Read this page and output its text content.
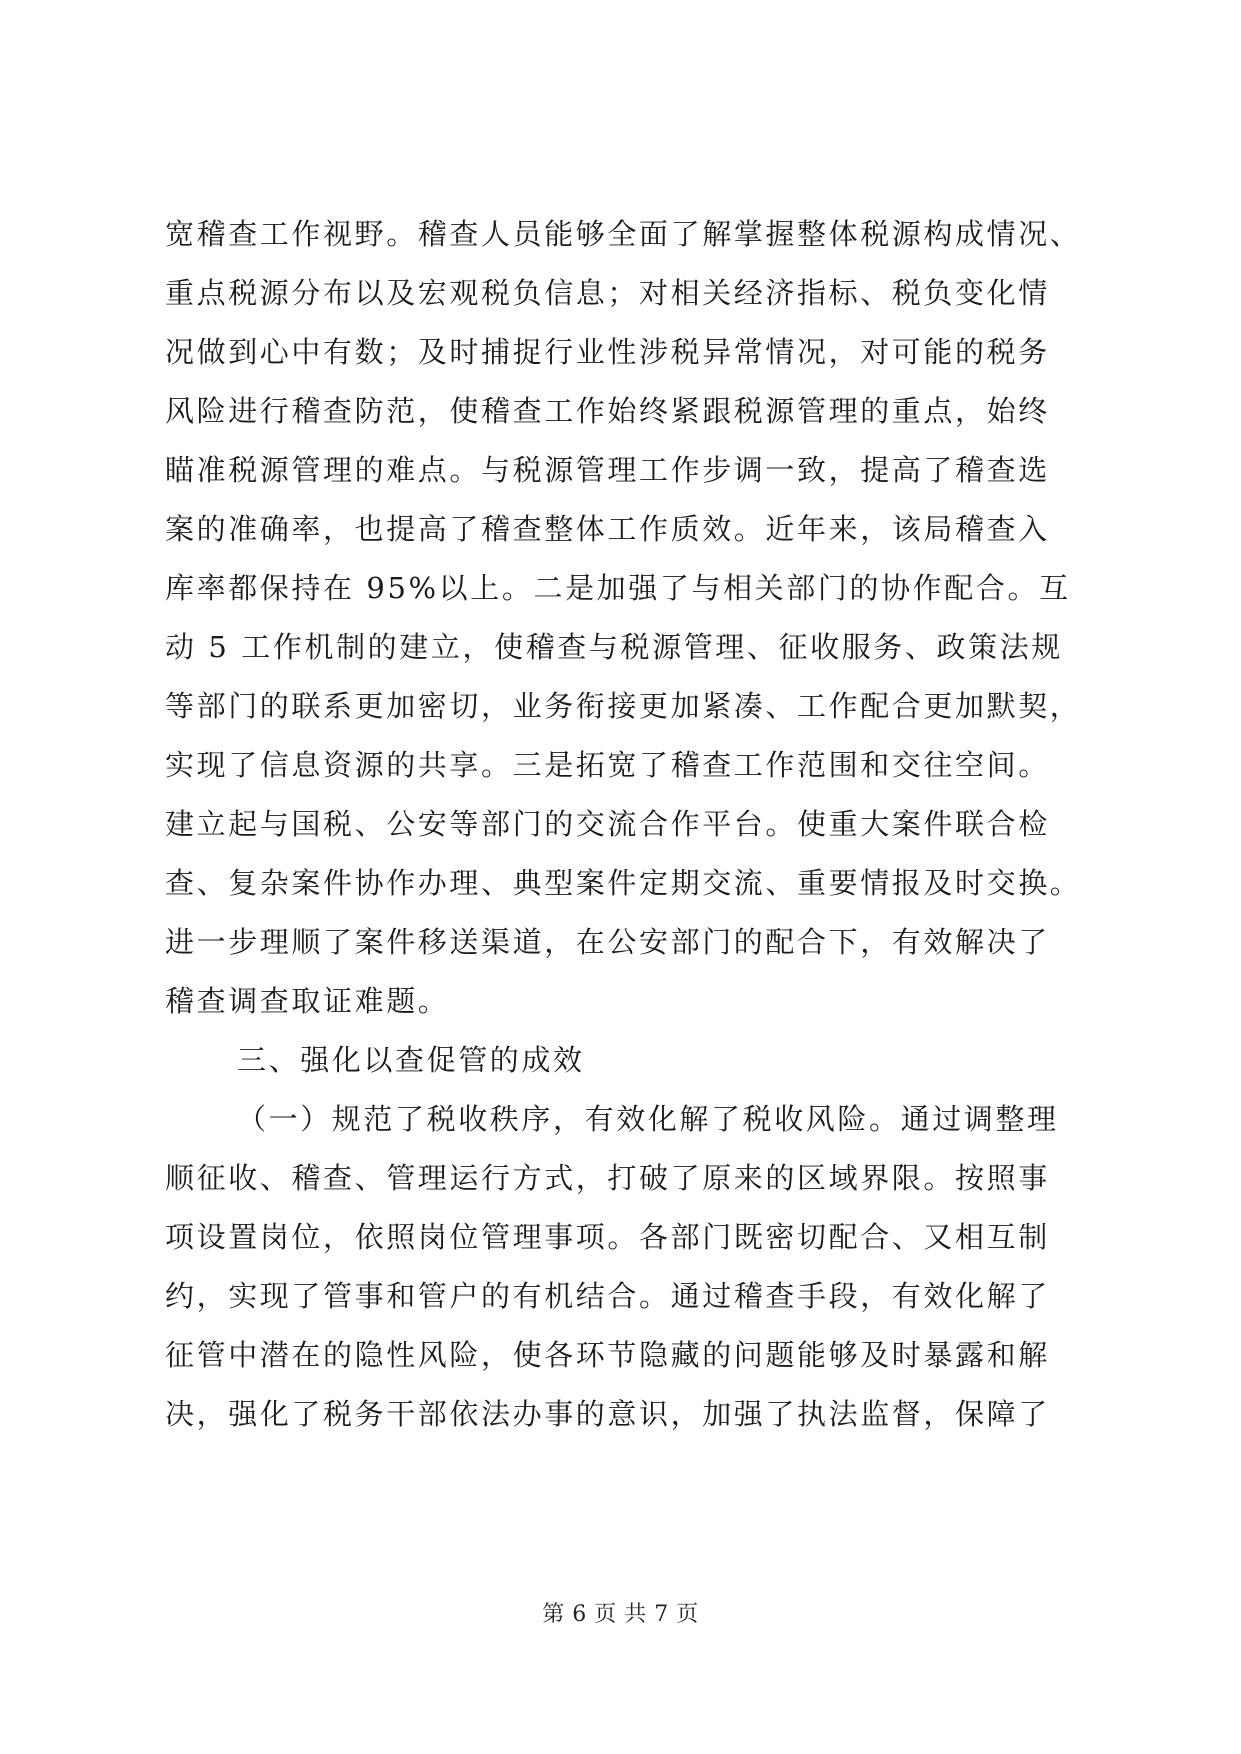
宽稽查工作视野。稽查人员能够全面了解掌握整体税源构成情况、
重点税源分布以及宏观税负信息；对相关经济指标、税负变化情
况做到心中有数；及时捕捉行业性涉税异常情况，对可能的税务
风险进行稽查防范，使稽查工作始终紧跟税源管理的重点，始终
瞄准税源管理的难点。与税源管理工作步调一致，提高了稽查选
案的准确率，也提高了稽查整体工作质效。近年来，该局稽查入
库率都保持在 95%以上。二是加强了与相关部门的协作配合。互
动 5 工作机制的建立，使稽查与税源管理、征收服务、政策法规
等部门的联系更加密切，业务衔接更加紧凑、工作配合更加默契，
实现了信息资源的共享。三是拓宽了稽查工作范围和交往空间。
建立起与国税、公安等部门的交流合作平台。使重大案件联合检
查、复杂案件协作办理、典型案件定期交流、重要情报及时交换。
进一步理顺了案件移送渠道，在公安部门的配合下，有效解决了
稽查调查取证难题。
三、强化以查促管的成效
（一）规范了税收秩序，有效化解了税收风险。通过调整理
顺征收、稽查、管理运行方式，打破了原来的区域界限。按照事
项设置岗位，依照岗位管理事项。各部门既密切配合、又相互制
约，实现了管事和管户的有机结合。通过稽查手段，有效化解了
征管中潜在的隐性风险，使各环节隐藏的问题能够及时暴露和解
决，强化了税务干部依法办事的意识，加强了执法监督，保障了
第 6 页 共 7 页
